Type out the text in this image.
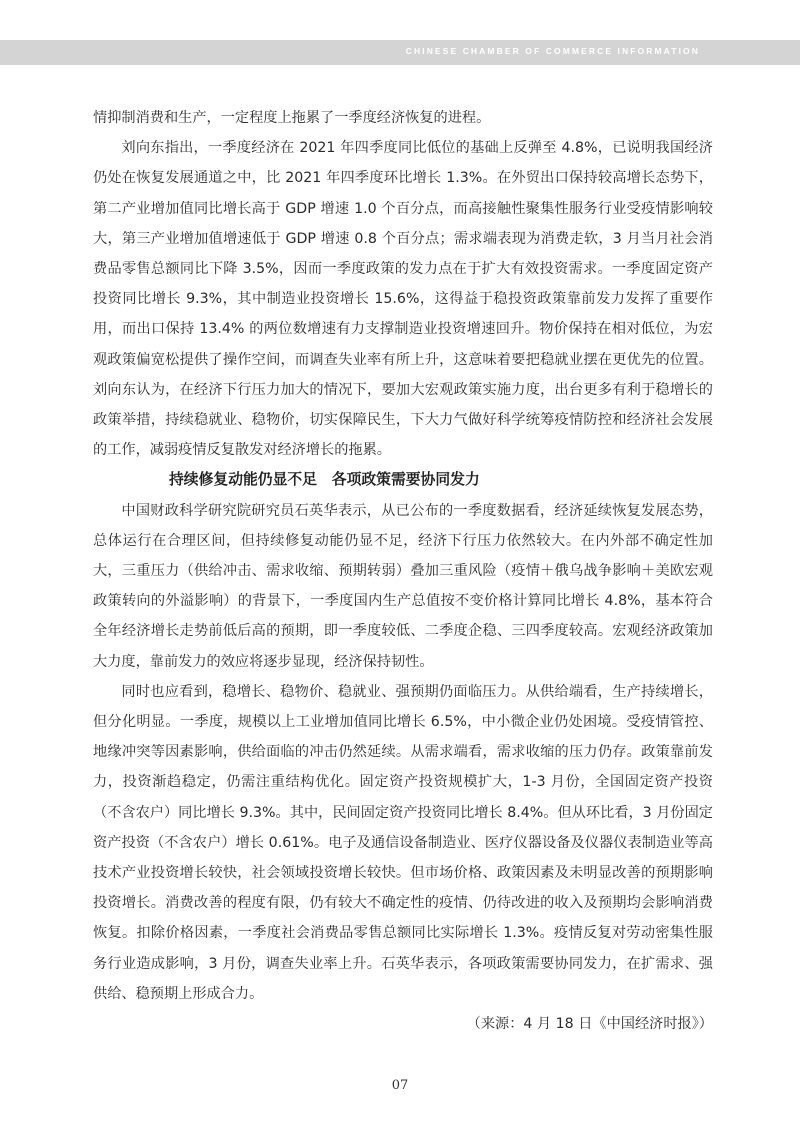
CHINESE CHAMBER OF COMMERCE INFORMATION

情抑制消费和生产，一定程度上拖累了一季度经济恢复的进程。

刘向东指出，一季度经济在 2021 年四季度同比低位的基础上反弹至 4.8%，已说明我国经济仍处在恢复发展通道之中，比 2021 年四季度环比增长 1.3%。在外贸出口保持较高增长态势下，第二产业增加值同比增长高于 GDP 增速 1.0 个百分点，而高接触性聚集性服务行业受疫情影响较大，第三产业增加值增速低于 GDP 增速 0.8 个百分点；需求端表现为消费走软，3 月当月社会消费品零售总额同比下降 3.5%，因而一季度政策的发力点在于扩大有效投资需求。一季度固定资产投资同比增长 9.3%，其中制造业投资增长 15.6%，这得益于稳投资政策靠前发力发挥了重要作用，而出口保持 13.4% 的两位数增速有力支撑制造业投资增速回升。物价保持在相对低位，为宏观政策偏宽松提供了操作空间，而调查失业率有所上升，这意味着要把稳就业摆在更优先的位置。刘向东认为，在经济下行压力加大的情况下，要加大宏观政策实施力度，出台更多有利于稳增长的政策举措，持续稳就业、稳物价，切实保障民生，下大力气做好科学统筹疫情防控和经济社会发展的工作，减弱疫情反复散发对经济增长的拖累。

持续修复动能仍显不足　各项政策需要协同发力

中国财政科学研究院研究员石英华表示，从已公布的一季度数据看，经济延续恢复发展态势，总体运行在合理区间，但持续修复动能仍显不足，经济下行压力依然较大。在内外部不确定性加大，三重压力（供给冲击、需求收缩、预期转弱）叠加三重风险（疫情＋俄乌战争影响＋美欧宏观政策转向的外溢影响）的背景下，一季度国内生产总值按不变价格计算同比增长 4.8%，基本符合全年经济增长走势前低后高的预期，即一季度较低、二季度企稳、三四季度较高。宏观经济政策加大力度，靠前发力的效应将逐步显现，经济保持韧性。

同时也应看到，稳增长、稳物价、稳就业、强预期仍面临压力。从供给端看，生产持续增长，但分化明显。一季度，规模以上工业增加值同比增长 6.5%，中小微企业仍处困境。受疫情管控、地缘冲突等因素影响，供给面临的冲击仍然延续。从需求端看，需求收缩的压力仍存。政策靠前发力，投资渐趋稳定，仍需注重结构优化。固定资产投资规模扩大，1-3 月份，全国固定资产投资（不含农户）同比增长 9.3%。其中，民间固定资产投资同比增长 8.4%。但从环比看，3 月份固定资产投资（不含农户）增长 0.61%。电子及通信设备制造业、医疗仪器设备及仪器仪表制造业等高技术产业投资增长较快，社会领域投资增长较快。但市场价格、政策因素及未明显改善的预期影响投资增长。消费改善的程度有限，仍有较大不确定性的疫情、仍待改进的收入及预期均会影响消费恢复。扣除价格因素，一季度社会消费品零售总额同比实际增长 1.3%。疫情反复对劳动密集性服务行业造成影响，3 月份，调查失业率上升。石英华表示，各项政策需要协同发力，在扩需求、强供给、稳预期上形成合力。

（来源：4 月 18 日《中国经济时报》）

07
